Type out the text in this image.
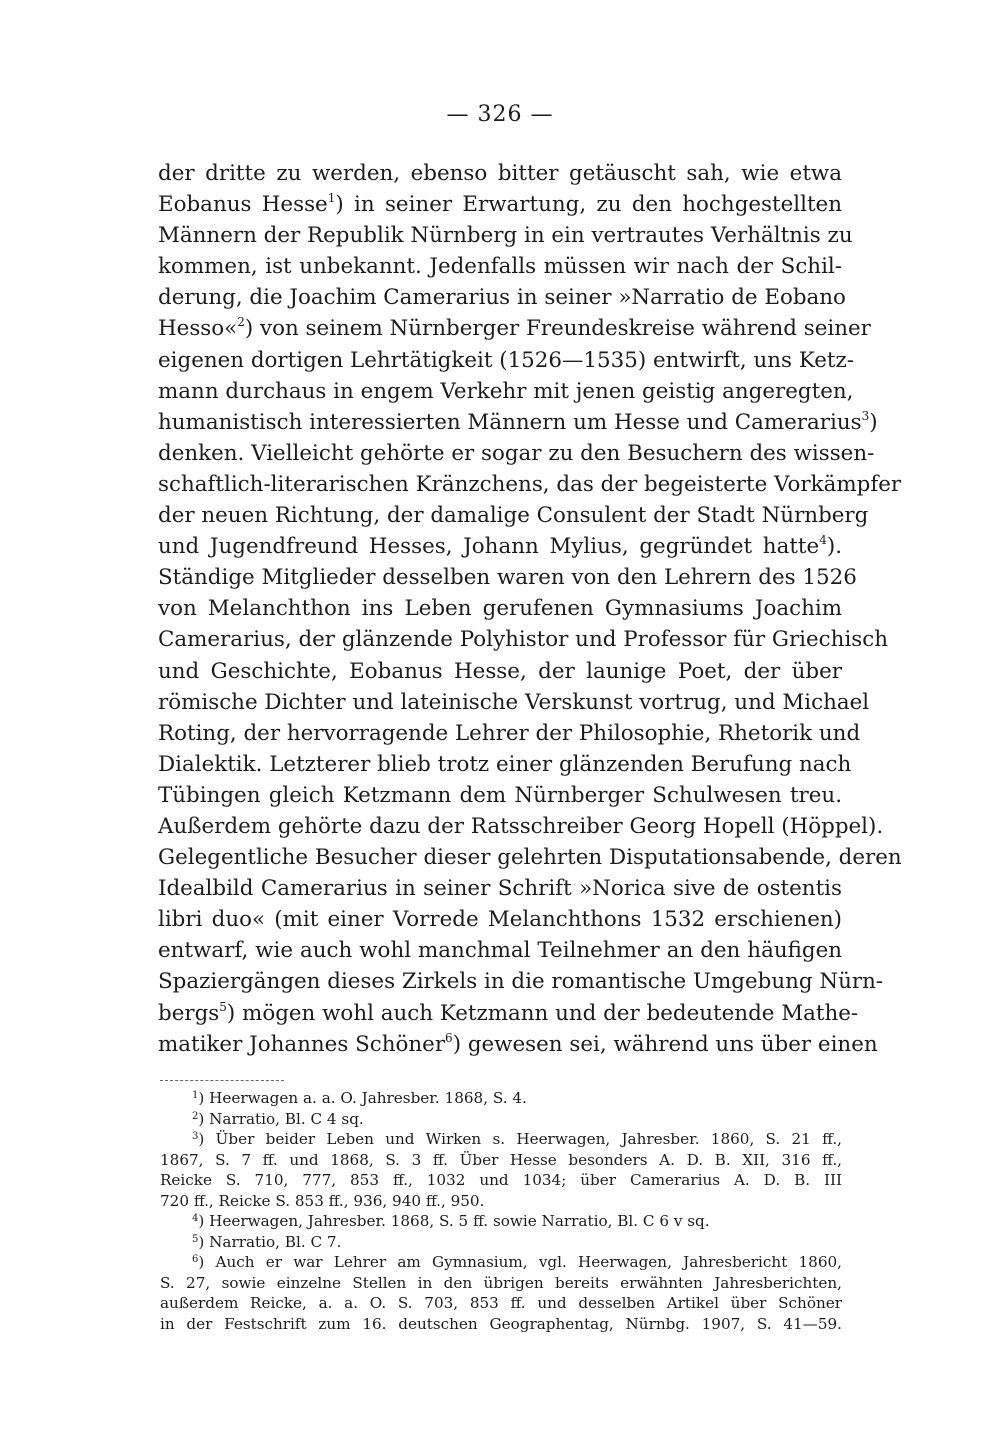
— 326 —
der dritte zu werden, ebenso bitter getäuscht sah, wie etwa
Eobanus Hesse$^1$) in seiner Erwartung, zu den hochgestellten
Männern der Republik Nürnberg in ein vertrautes Verhältnis zu
kommen, ist unbekannt. Jedenfalls müssen wir nach der Schil-
derung, die Joachim Camerarius in seiner »Narratio de Eobano
Hesso«$^2$) von seinem Nürnberger Freundeskreise während seiner
eigenen dortigen Lehrtätigkeit (1526—1535) entwirft, uns Ketz-
mann durchaus in engem Verkehr mit jenen geistig angeregten,
humanistisch interessierten Männern um Hesse und Camerarius$^3$)
denken. Vielleicht gehörte er sogar zu den Besuchern des wissen-
schaftlich-literarischen Kränzchens, das der begeisterte Vorkämpfer
der neuen Richtung, der damalige Consulent der Stadt Nürnberg
und Jugendfreund Hesses, Johann Mylius, gegründet hatte$^4$).
Ständige Mitglieder desselben waren von den Lehrern des 1526
von Melanchthon ins Leben gerufenen Gymnasiums Joachim
Camerarius, der glänzende Polyhistor und Professor für Griechisch
und Geschichte, Eobanus Hesse, der launige Poet, der über
römische Dichter und lateinische Verskunst vortrug, und Michael
Roting, der hervorragende Lehrer der Philosophie, Rhetorik und
Dialektik. Letzterer blieb trotz einer glänzenden Berufung nach
Tübingen gleich Ketzmann dem Nürnberger Schulwesen treu.
Außerdem gehörte dazu der Ratsschreiber Georg Hopell (Höppel).
Gelegentliche Besucher dieser gelehrten Disputationsabende, deren
Idealbild Camerarius in seiner Schrift »Norica sive de ostentis
libri duo« (mit einer Vorrede Melanchthons 1532 erschienen)
entwarf, wie auch wohl manchmal Teilnehmer an den häufigen
Spaziergängen dieses Zirkels in die romantische Umgebung Nürn-
bergs$^5$) mögen wohl auch Ketzmann und der bedeutende Mathe-
matiker Johannes Schöner$^6$) gewesen sei, während uns über einen
$^1$) Heerwagen a. a. O. Jahresber. 1868, S. 4.
$^2$) Narratio, Bl. C 4 sq.
$^3$) Über beider Leben und Wirken s. Heerwagen, Jahresber. 1860, S. 21 ff.,
1867, S. 7 ff. und 1868, S. 3 ff. Über Hesse besonders A. D. B. XII, 316 ff.,
Reicke S. 710, 777, 853 ff., 1032 und 1034; über Camerarius A. D. B. III
720 ff., Reicke S. 853 ff., 936, 940 ff., 950.
$^4$) Heerwagen, Jahresber. 1868, S. 5 ff. sowie Narratio, Bl. C 6 v sq.
$^5$) Narratio, Bl. C 7.
$^6$) Auch er war Lehrer am Gymnasium, vgl. Heerwagen, Jahresbericht 1860,
S. 27, sowie einzelne Stellen in den übrigen bereits erwähnten Jahresberichten,
außerdem Reicke, a. a. O. S. 703, 853 ff. und desselben Artikel über Schöner
in der Festschrift zum 16. deutschen Geographentag, Nürnbg. 1907, S. 41—59.
